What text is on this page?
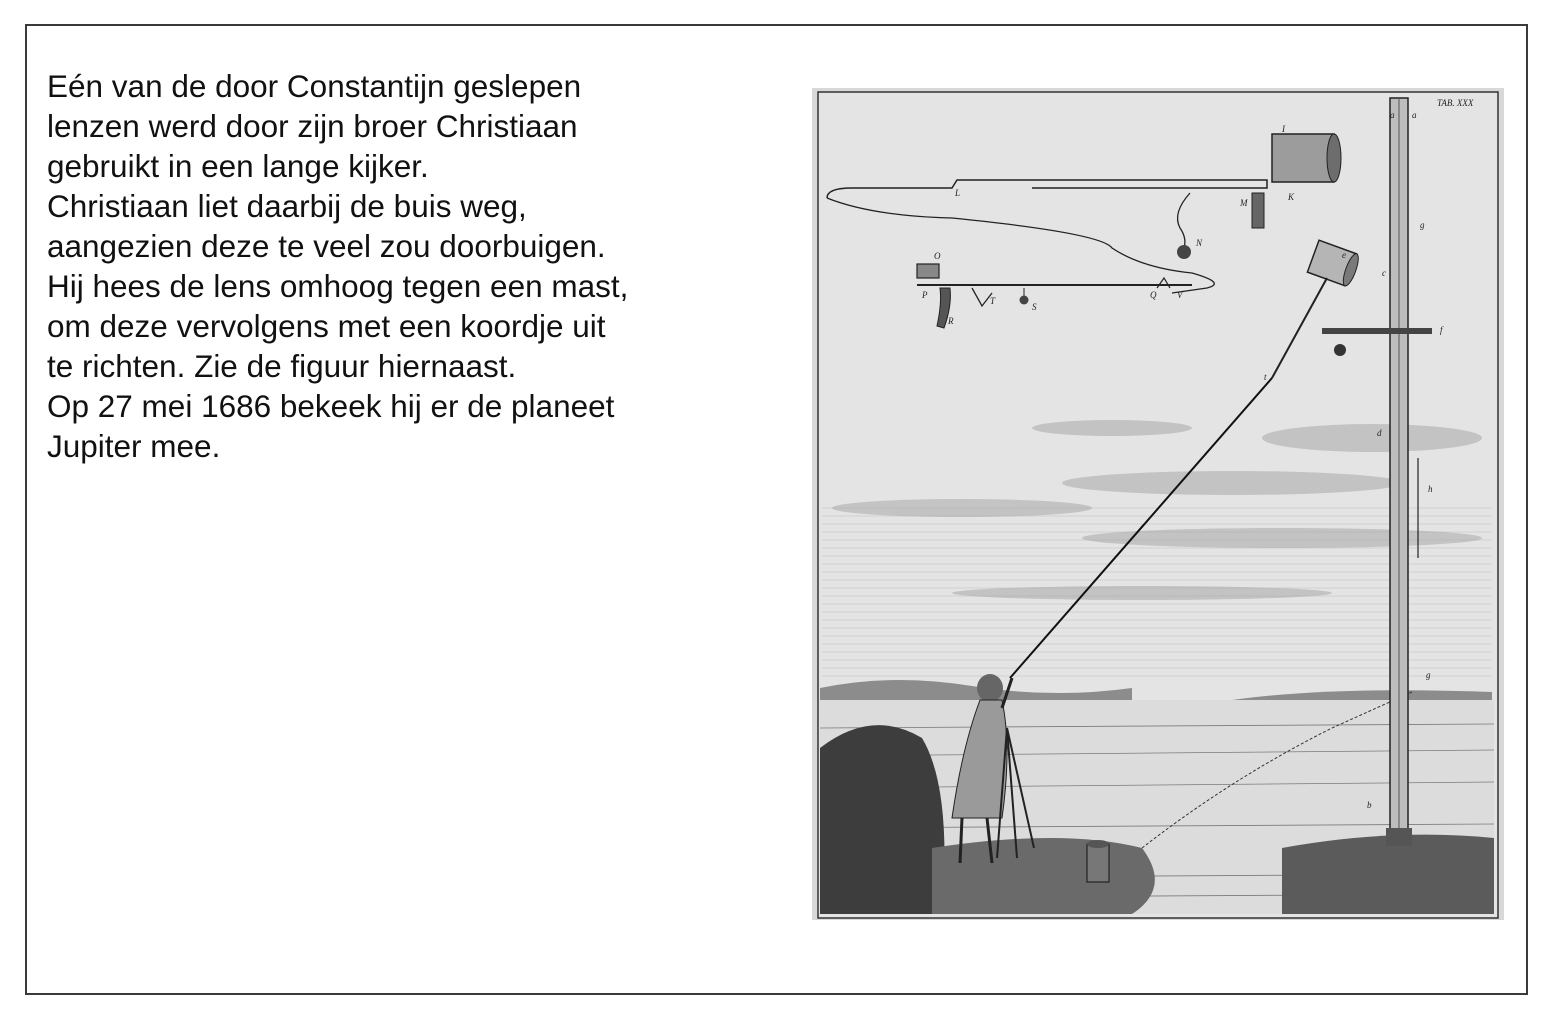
Eén van de door Constantijn geslepen
lenzen werd door zijn broer Christiaan
gebruikt in een lange kijker.
Christiaan liet daarbij de buis weg,
aangezien deze te veel zou doorbuigen.
Hij hees de lens omhoog tegen een mast,
om deze vervolgens met een koordje uit
te richten. Zie de figuur hiernaast.
Op 27 mei 1686 bekeek hij er de planeet
Jupiter mee.
TAB. XXX
a a
I
L
M
K
N
O
P
R
T
S
Q V
e
f
c
g
t
d
h
g
b
